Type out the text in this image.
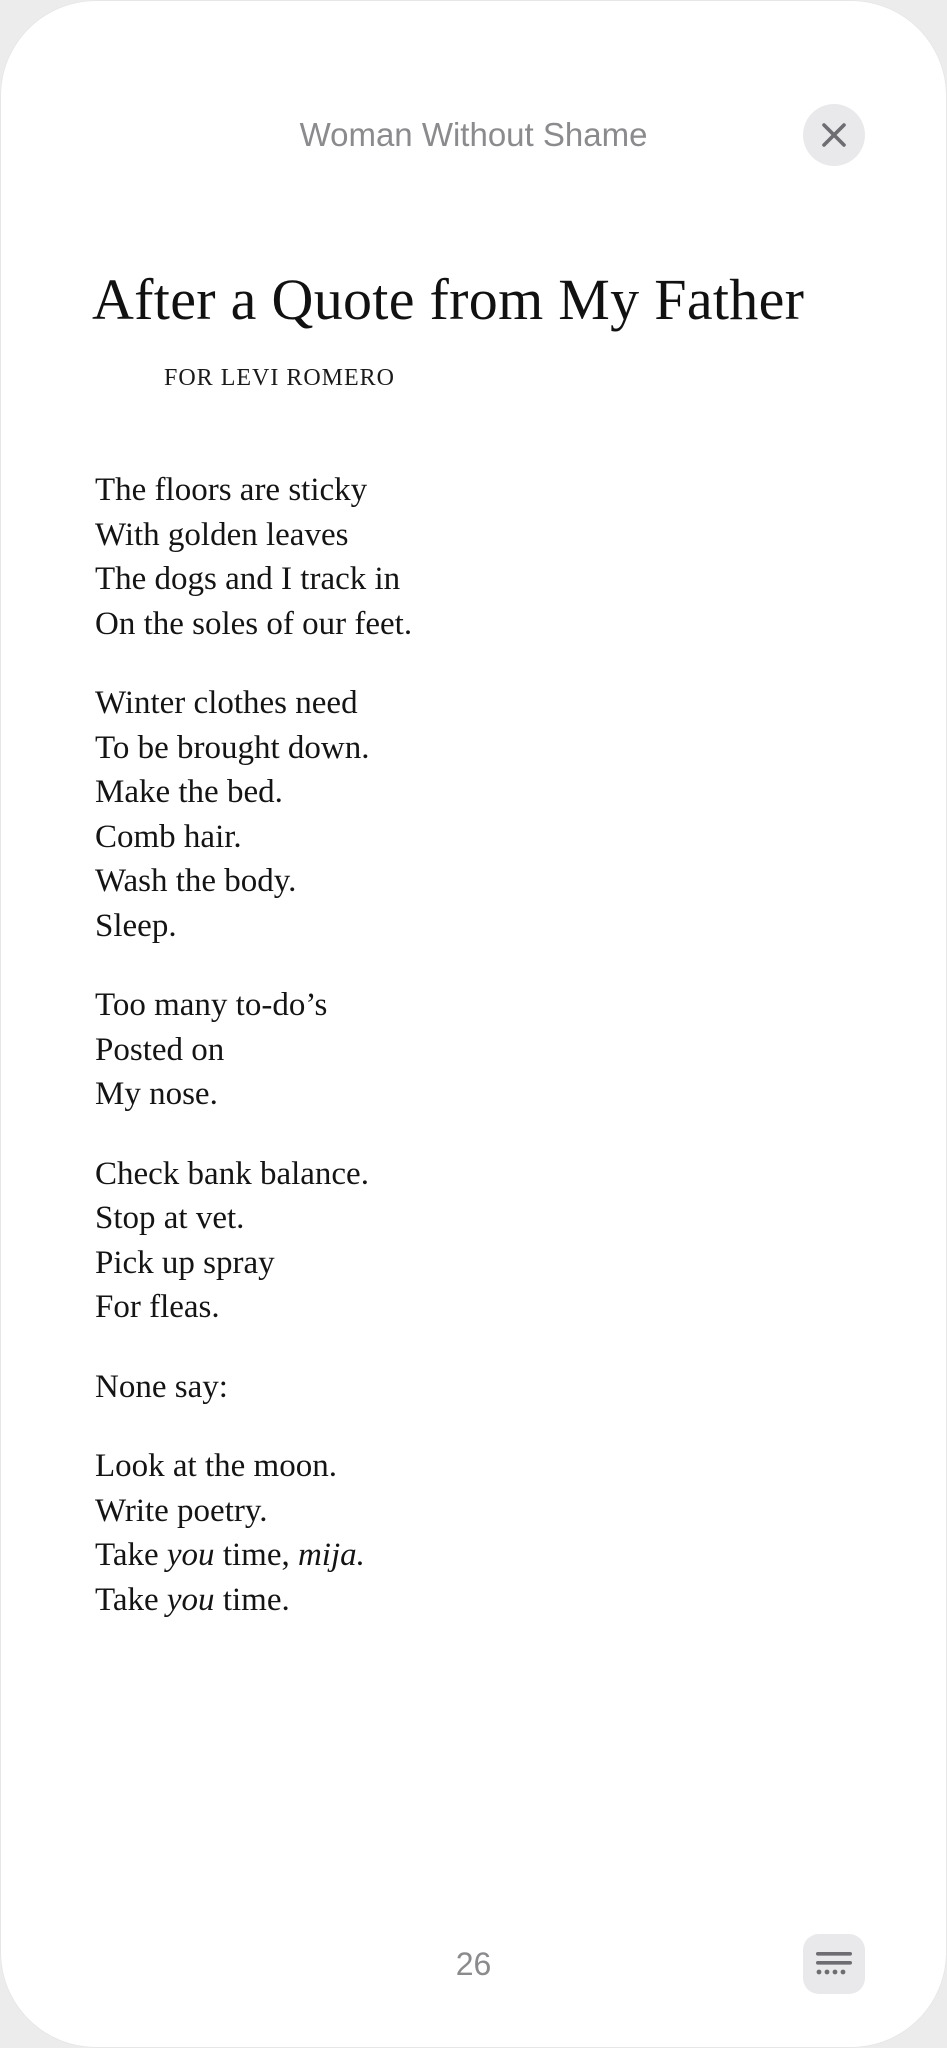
Woman Without Shame
After a Quote from My Father
FOR LEVI ROMERO
The floors are sticky
With golden leaves
The dogs and I track in
On the soles of our feet.
Winter clothes need
To be brought down.
Make the bed.
Comb hair.
Wash the body.
Sleep.
Too many to-do’s
Posted on
My nose.
Check bank balance.
Stop at vet.
Pick up spray
For fleas.
None say:
Look at the moon.
Write poetry.
Take you time, mija.
Take you time.
26
